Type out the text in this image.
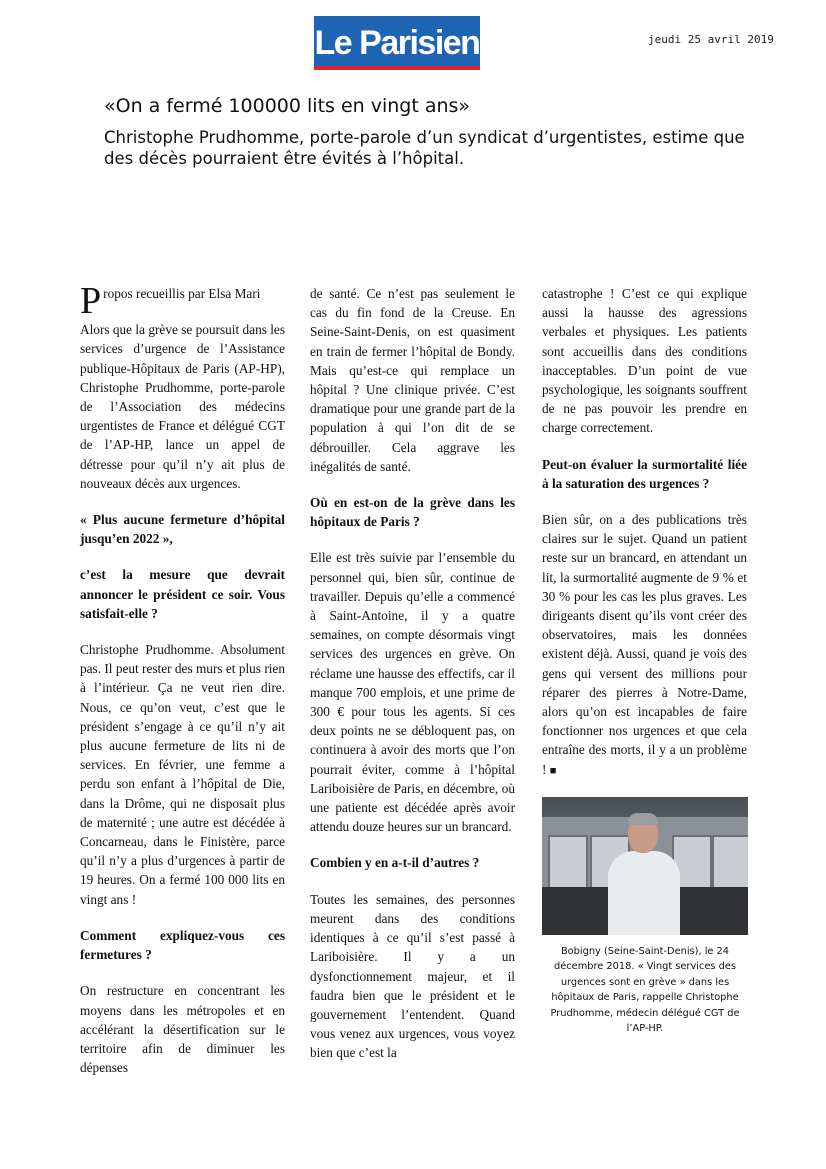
Le Parisien	jeudi 25 avril 2019
«On a fermé 100000 lits en vingt ans»

Christophe Prudhomme, porte-parole d’un syndicat d’urgentistes, estime que des décès pourraient être évités à l’hôpital.

Propos recueillis par Elsa Mari

Alors que la grève se poursuit dans les services d’urgence de l’Assistance publique-Hôpitaux de Paris (AP-HP), Christophe Prudhomme, porte-parole de l’Association des médecins urgentistes de France et délégué CGT de l’AP-HP, lance un appel de détresse pour qu’il n’y ait plus de nouveaux décès aux urgences.

« Plus aucune fermeture d’hôpital jusqu’en 2022 »,

c’est la mesure que devrait annoncer le président ce soir. Vous satisfait-elle ?

Christophe Prudhomme. Absolument pas. Il peut rester des murs et plus rien à l’intérieur. Ça ne veut rien dire. Nous, ce qu’on veut, c’est que le président s’engage à ce qu’il n’y ait plus aucune fermeture de lits ni de services. En février, une femme a perdu son enfant à l’hôpital de Die, dans la Drôme, qui ne disposait plus de maternité ; une autre est décédée à Concarneau, dans le Finistère, parce qu’il n’y a plus d’urgences à partir de 19 heures. On a fermé 100 000 lits en vingt ans !

Comment expliquez-vous ces fermetures ?

On restructure en concentrant les moyens dans les métropoles et en accélérant la désertification sur le territoire afin de diminuer les dépenses

de santé. Ce n’est pas seulement le cas du fin fond de la Creuse. En Seine-Saint-Denis, on est quasiment en train de fermer l’hôpital de Bondy. Mais qu’est-ce qui remplace un hôpital ? Une clinique privée. C’est dramatique pour une grande part de la population à qui l’on dit de se débrouiller. Cela aggrave les inégalités de santé.

Où en est-on de la grève dans les hôpitaux de Paris ?

Elle est très suivie par l’ensemble du personnel qui, bien sûr, continue de travailler. Depuis qu’elle a commencé à Saint-Antoine, il y a quatre semaines, on compte désormais vingt services des urgences en grève. On réclame une hausse des effectifs, car il manque 700 emplois, et une prime de 300 € pour tous les agents. Si ces deux points ne se débloquent pas, on continuera à avoir des morts que l’on pourrait éviter, comme à l’hôpital Lariboisière de Paris, en décembre, où une patiente est décédée après avoir attendu douze heures sur un brancard.

Combien y en a-t-il d’autres ?

Toutes les semaines, des personnes meurent dans des conditions identiques à ce qu’il s’est passé à Lariboisière. Il y a un dysfonctionnement majeur, et il faudra bien que le président et le gouvernement l’entendent. Quand vous venez aux urgences, vous voyez bien que c’est la

catastrophe ! C’est ce qui explique aussi la hausse des agressions verbales et physiques. Les patients sont accueillis dans des conditions inacceptables. D’un point de vue psychologique, les soignants souffrent de ne pas pouvoir les prendre en charge correctement.

Peut-on évaluer la surmortalité liée à la saturation des urgences ?

Bien sûr, on a des publications très claires sur le sujet. Quand un patient reste sur un brancard, en attendant un lit, la surmortalité augmente de 9 % et 30 % pour les cas les plus graves. Les dirigeants disent qu’ils vont créer des observatoires, mais les données existent déjà. Aussi, quand je vois des gens qui versent des millions pour réparer des pierres à Notre-Dame, alors qu’on est incapables de faire fonctionner nos urgences et que cela entraîne des morts, il y a un problème ! ■

Bobigny (Seine-Saint-Denis), le 24 décembre 2018. « Vingt services des urgences sont en grève » dans les hôpitaux de Paris, rappelle Christophe Prudhomme, médecin délégué CGT de l’AP-HP.
